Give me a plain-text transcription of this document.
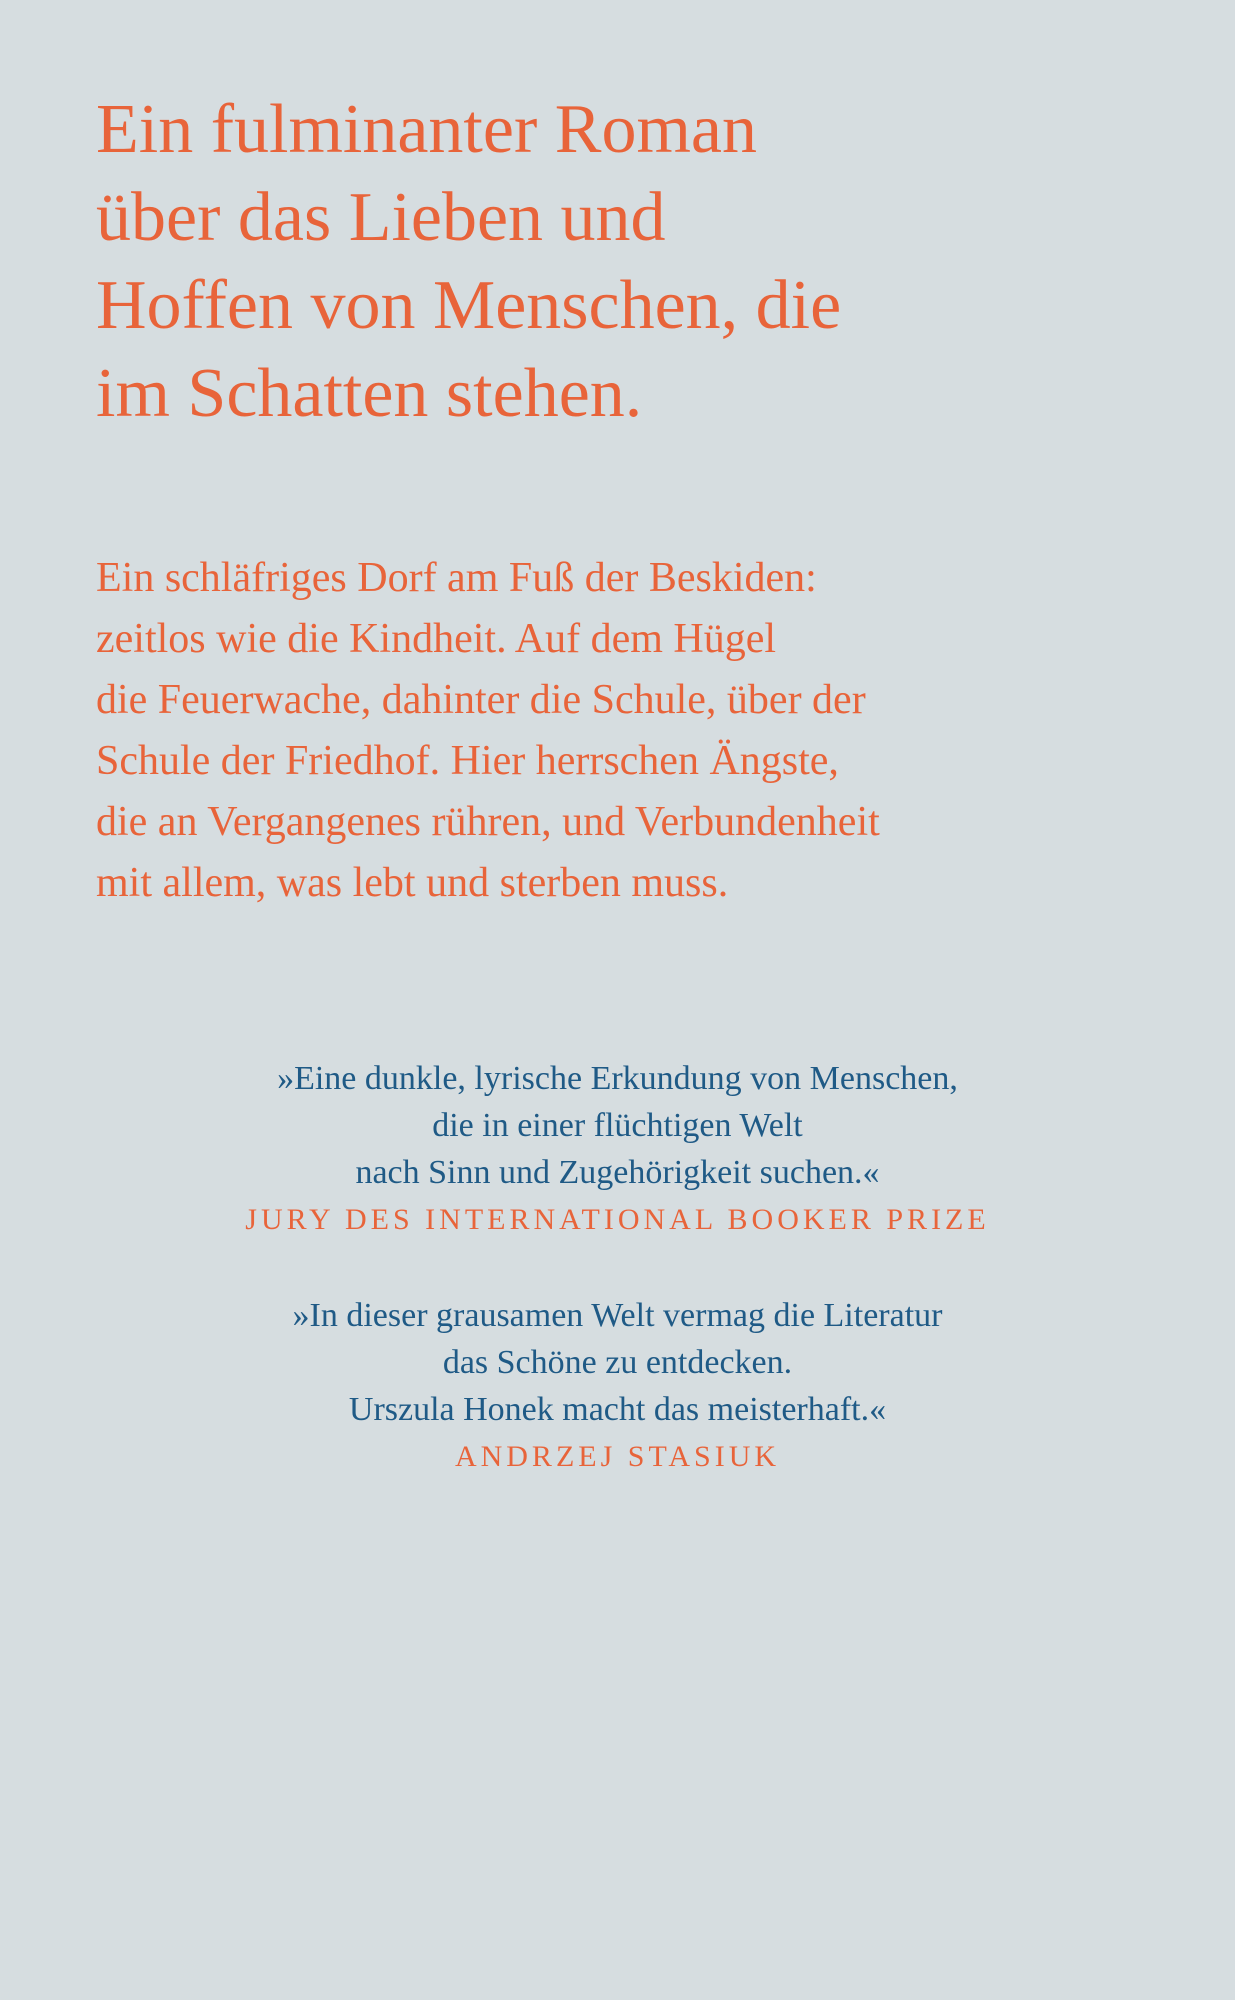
Ein fulminanter Roman
über das Lieben und
Hoffen von Menschen, die
im Schatten stehen.

Ein schläfriges Dorf am Fuß der Beskiden:
zeitlos wie die Kindheit. Auf dem Hügel
die Feuerwache, dahinter die Schule, über der
Schule der Friedhof. Hier herrschen Ängste,
die an Vergangenes rühren, und Verbundenheit
mit allem, was lebt und sterben muss.

»Eine dunkle, lyrische Erkundung von Menschen,
die in einer flüchtigen Welt
nach Sinn und Zugehörigkeit suchen.«

JURY DES INTERNATIONAL BOOKER PRIZE

»In dieser grausamen Welt vermag die Literatur
das Schöne zu entdecken.
Urszula Honek macht das meisterhaft.«

ANDRZEJ STASIUK
